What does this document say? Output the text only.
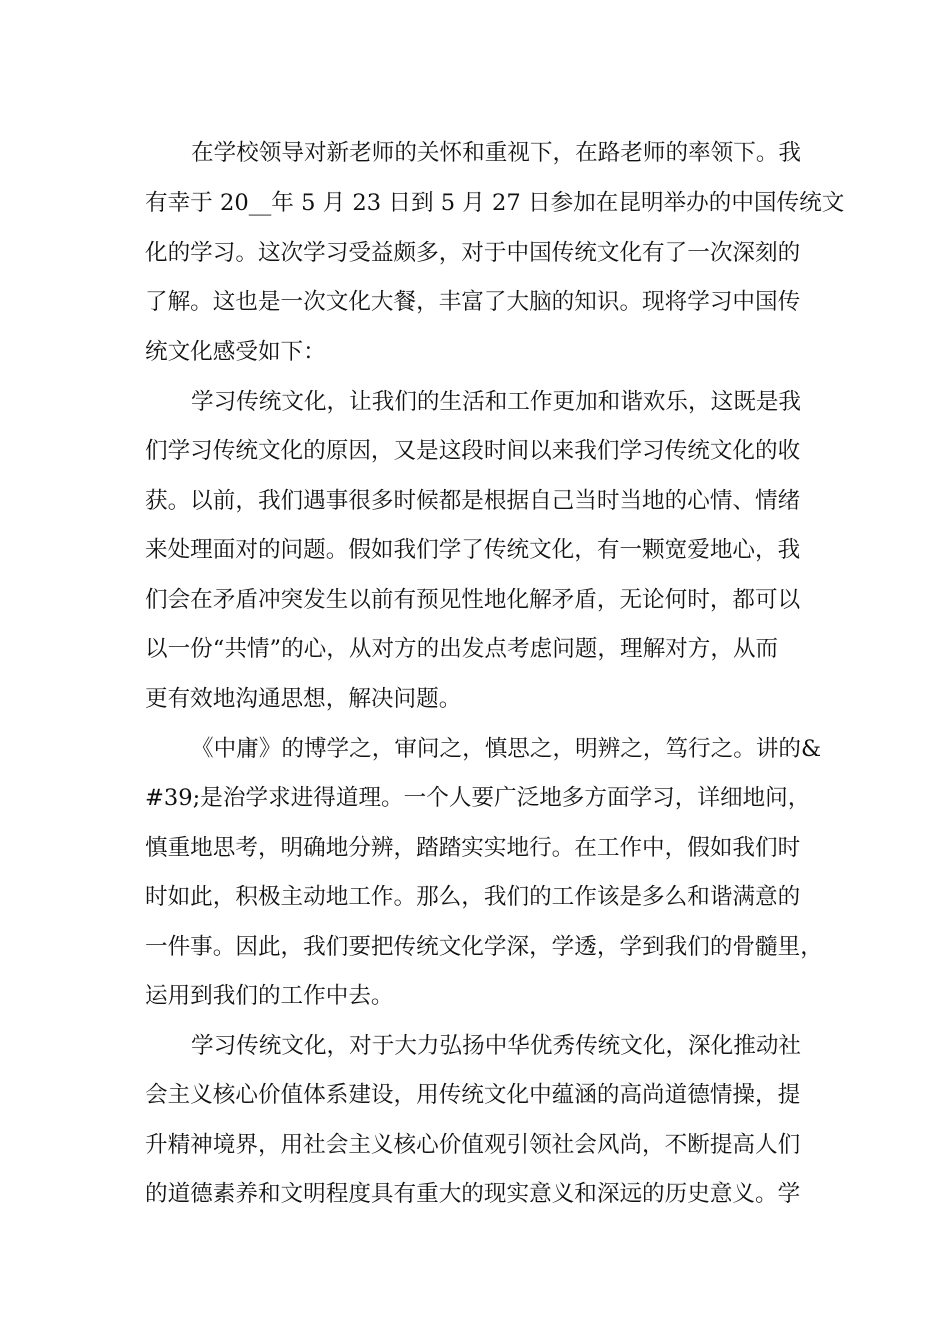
在学校领导对新老师的关怀和重视下，在路老师的率领下。我
有幸于 20__年 5 月 23 日到 5 月 27 日参加在昆明举办的中国传统文
化的学习。这次学习受益颇多，对于中国传统文化有了一次深刻的
了解。这也是一次文化大餐，丰富了大脑的知识。现将学习中国传
统文化感受如下：
学习传统文化，让我们的生活和工作更加和谐欢乐，这既是我
们学习传统文化的原因，又是这段时间以来我们学习传统文化的收
获。以前，我们遇事很多时候都是根据自己当时当地的心情、情绪
来处理面对的问题。假如我们学了传统文化，有一颗宽爱地心，我
们会在矛盾冲突发生以前有预见性地化解矛盾，无论何时，都可以
以一份“共情”的心，从对方的出发点考虑问题，理解对方，从而
更有效地沟通思想，解决问题。
《中庸》的博学之，审问之，慎思之，明辨之，笃行之。讲的&
#39;是治学求进得道理。一个人要广泛地多方面学习，详细地问，
慎重地思考，明确地分辨，踏踏实实地行。在工作中，假如我们时
时如此，积极主动地工作。那么，我们的工作该是多么和谐满意的
一件事。因此，我们要把传统文化学深，学透，学到我们的骨髓里，
运用到我们的工作中去。
学习传统文化，对于大力弘扬中华优秀传统文化，深化推动社
会主义核心价值体系建设，用传统文化中蕴涵的高尚道德情操，提
升精神境界，用社会主义核心价值观引领社会风尚，不断提高人们
的道德素养和文明程度具有重大的现实意义和深远的历史意义。学
